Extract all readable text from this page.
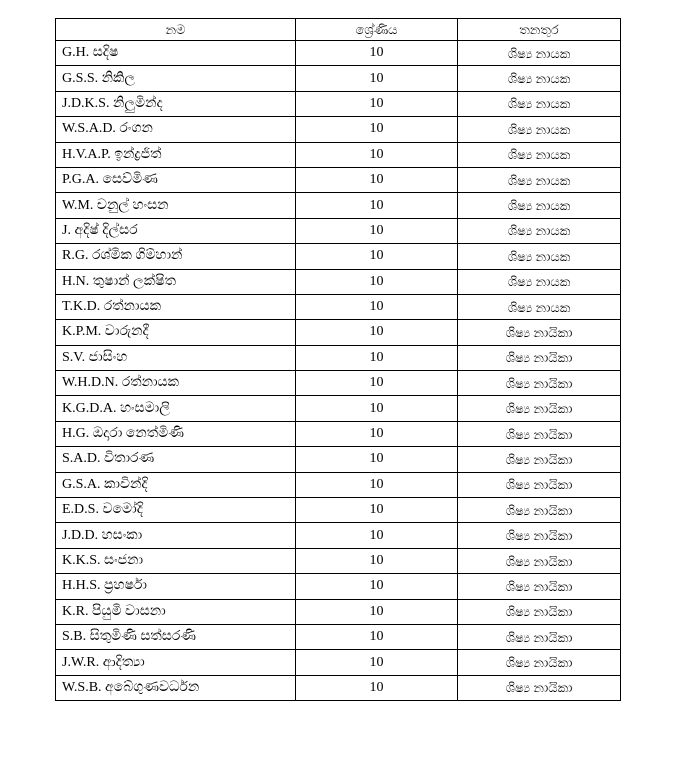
නම	ශ්‍රේණිය	තනතුර
G.H. සදිෂ	10	ශිෂ්‍ය නායක
G.S.S. නිකිල	10	ශිෂ්‍ය නායක
J.D.K.S. නිලුමින්ද	10	ශිෂ්‍ය නායක
W.S.A.D. රංගන	10	ශිෂ්‍ය නායක
H.V.A.P. ඉන්ද්‍රජිත්	10	ශිෂ්‍ය නායක
P.G.A. සෙව්මිණ	10	ශිෂ්‍ය නායක
W.M. චනුල් හංසන	10	ශිෂ්‍ය නායක
J. අදිෂ් දිල්සර	10	ශිෂ්‍ය නායක
R.G. රශ්මික ගිම්හාන්	10	ශිෂ්‍ය නායක
H.N. තුෂාන් ලක්ෂිත	10	ශිෂ්‍ය නායක
T.K.D. රත්නායක	10	ශිෂ්‍ය නායක
K.P.M. වාරුනදී	10	ශිෂ්‍ය නායිකා
S.V. ජාසිංහ	10	ශිෂ්‍ය නායිකා
W.H.D.N. රත්නායක	10	ශිෂ්‍ය නායිකා
K.G.D.A. හංසමාලි	10	ශිෂ්‍ය නායිකා
H.G. ඔදාරා නෙත්මිණි	10	ශිෂ්‍ය නායිකා
S.A.D. විතාරණ	10	ශිෂ්‍ය නායිකා
G.S.A. කාවින්දි	10	ශිෂ්‍ය නායිකා
E.D.S. වමෝදි	10	ශිෂ්‍ය නායිකා
J.D.D. හසංකා	10	ශිෂ්‍ය නායිකා
K.K.S. සංජනා	10	ශිෂ්‍ය නායිකා
H.H.S. ප්‍රහර්ෂා	10	ශිෂ්‍ය නායිකා
K.R. පියුමි වාසනා	10	ශිෂ්‍ය නායිකා
S.B. සිතුමිණි සත්සරණි	10	ශිෂ්‍ය නායිකා
J.W.R. ආදිත්‍යා	10	ශිෂ්‍ය නායිකා
W.S.B. අබේගුණවර්ධන	10	ශිෂ්‍ය නායිකා
